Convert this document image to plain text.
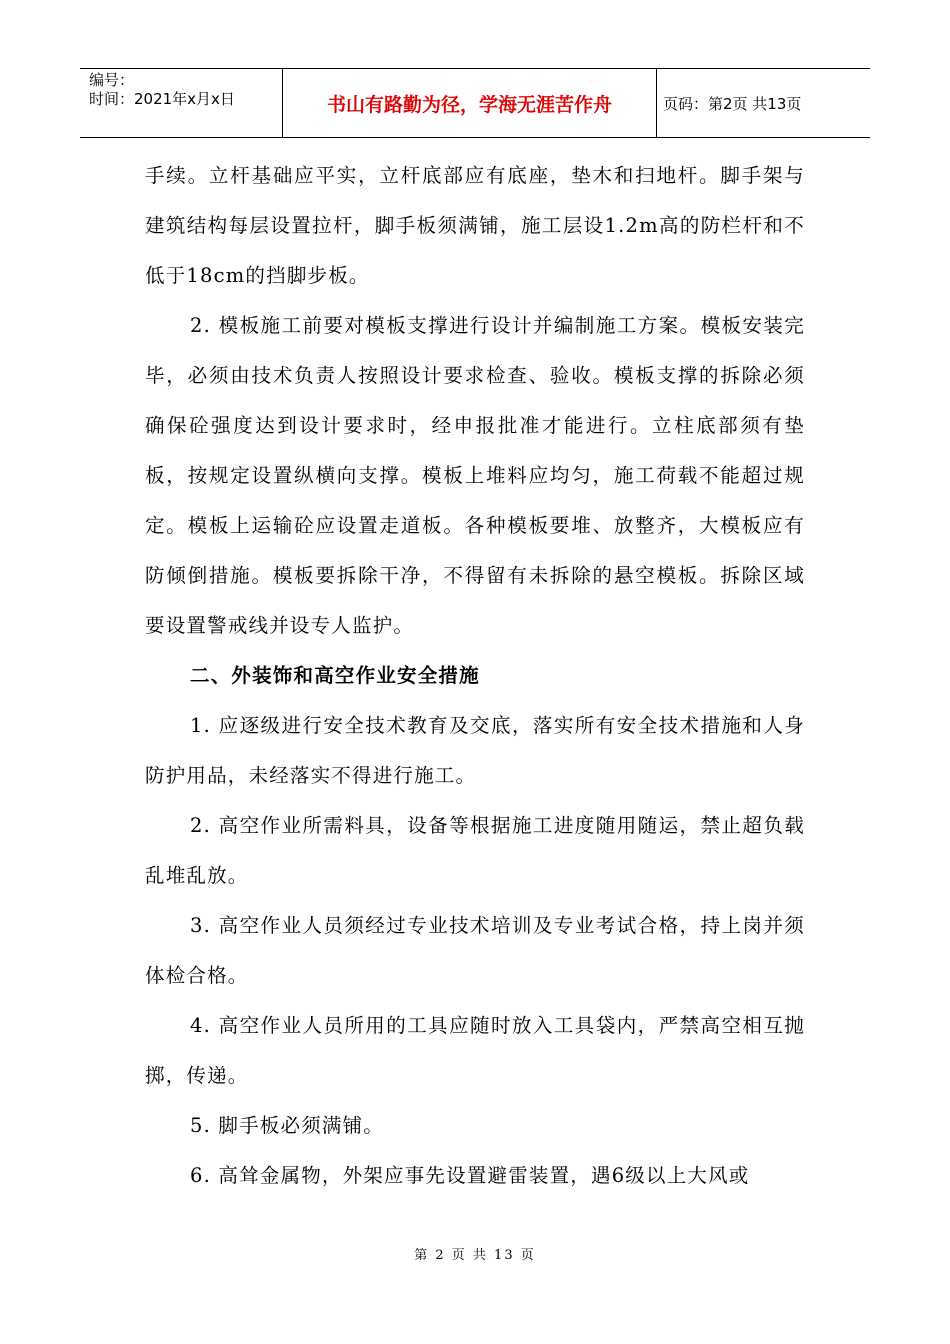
编号：
时间：2021年x月x日	书山有路勤为径，学海无涯苦作舟	页码：第2页 共13页

手续。立杆基础应平实，立杆底部应有底座，垫木和扫地杆。脚手架与建筑结构每层设置拉杆，脚手板须满铺，施工层设1.2m高的防栏杆和不低于18cm的挡脚步板。

2. 模板施工前要对模板支撑进行设计并编制施工方案。模板安装完毕，必须由技术负责人按照设计要求检查、验收。模板支撑的拆除必须确保砼强度达到设计要求时，经申报批准才能进行。立柱底部须有垫板，按规定设置纵横向支撑。模板上堆料应均匀，施工荷载不能超过规定。模板上运输砼应设置走道板。各种模板要堆、放整齐，大模板应有防倾倒措施。模板要拆除干净，不得留有未拆除的悬空模板。拆除区域要设置警戒线并设专人监护。

二、外装饰和高空作业安全措施

1. 应逐级进行安全技术教育及交底，落实所有安全技术措施和人身防护用品，未经落实不得进行施工。

2. 高空作业所需料具，设备等根据施工进度随用随运，禁止超负载乱堆乱放。

3. 高空作业人员须经过专业技术培训及专业考试合格，持上岗并须体检合格。

4. 高空作业人员所用的工具应随时放入工具袋内，严禁高空相互抛掷，传递。

5. 脚手板必须满铺。

6. 高耸金属物，外架应事先设置避雷装置，遇6级以上大风或

第 2 页 共 13 页
